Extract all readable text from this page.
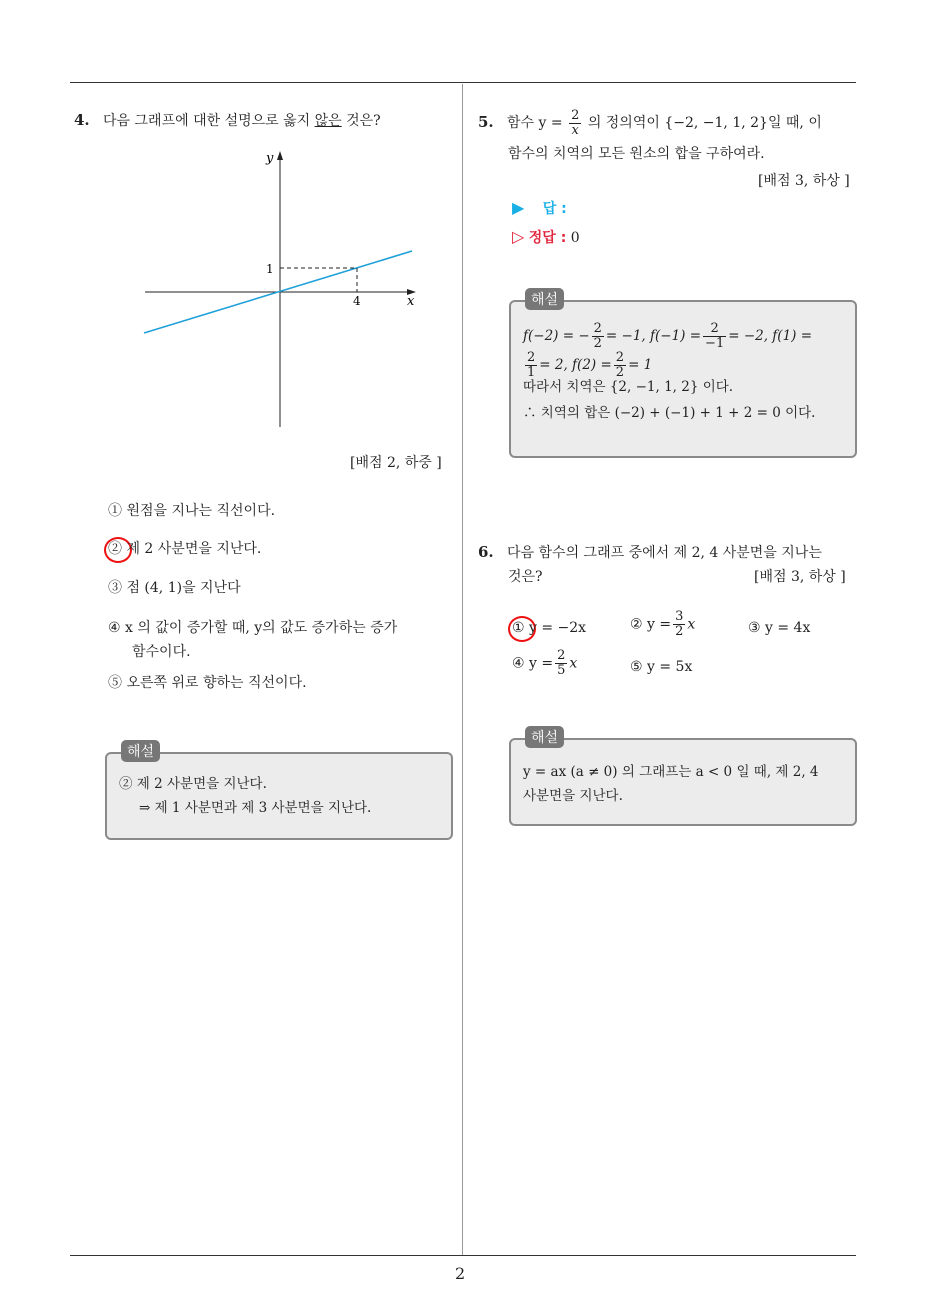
2
4. 다음 그래프에 대한 설명으로 옳지 않은 것은?
y
x
1
4
[배점 2, 하중 ]
① 원점을 지나는 직선이다.
② 제 2 사분면을 지난다.
③ 점 (4, 1)을 지난다
④ x 의 값이 증가할 때, y의 값도 증가하는 증가
함수이다.
⑤ 오른쪽 위로 향하는 직선이다.
해설
② 제 2 사분면을 지난다.
⇒ 제 1 사분면과 제 3 사분면을 지난다.
5. 함수 $y = \frac{2}{x}$ 의 정의역이 {−2, −1, 1, 2}일 때, 이
함수의 치역의 모든 원소의 합을 구하여라.
[배점 3, 하상 ]
▶ 답 :
▷ 정답 : 0
해설
f(−2) = − $\frac{2}{2} = -1$, $f(-1) = \frac{2}{-1} = -2$, f(1) =
$\frac{2}{1} = 2$, $f(2) = \frac{2}{2} = 1$
따라서 치역은 {2, −1, 1, 2} 이다.
∴ 치역의 합은 (−2) + (−1) + 1 + 2 = 0 이다.
6. 다음 함수의 그래프 중에서 제 2, 4 사분면을 지나는
것은?	[배점 3, 하상 ]
① y = −2x	② $y = \frac{3}{2}$ x	③ y = 4x
④ $y = \frac{2}{5}$ x	⑤ y = 5x
해설
y = ax (a ≠ 0) 의 그래프는 a < 0 일 때, 제 2, 4
사분면을 지난다.
